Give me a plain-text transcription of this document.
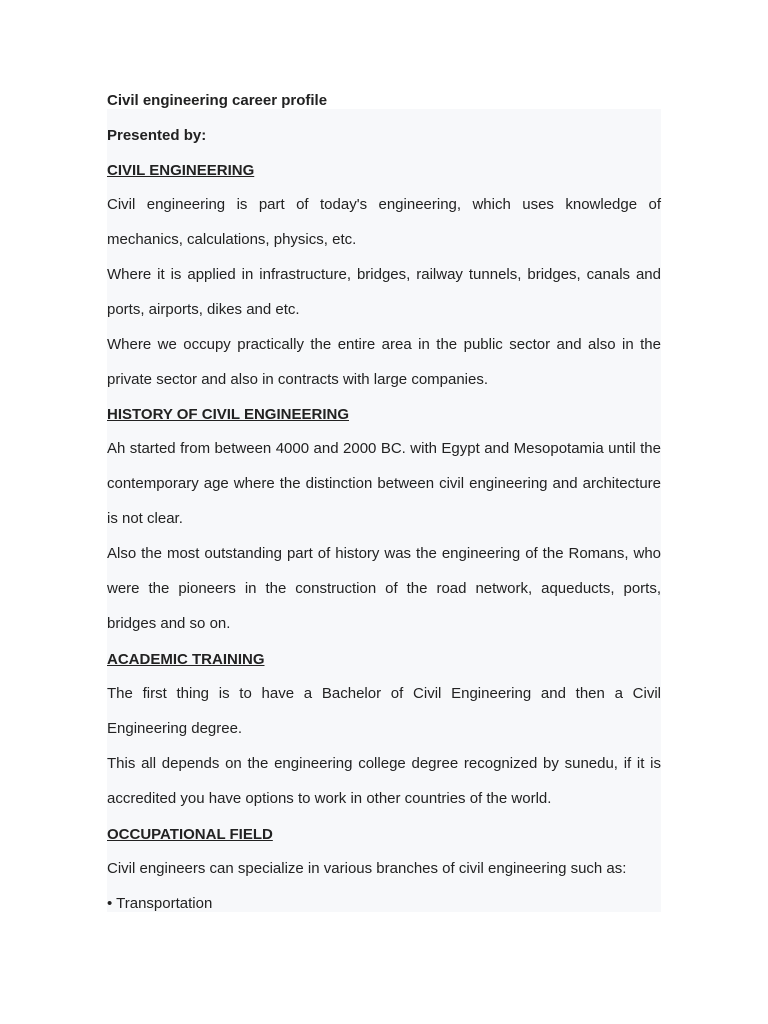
Civil engineering career profile

Presented by:

CIVIL ENGINEERING

Civil engineering is part of today's engineering, which uses knowledge of mechanics, calculations, physics, etc.

Where it is applied in infrastructure, bridges, railway tunnels, bridges, canals and ports, airports, dikes and etc.

Where we occupy practically the entire area in the public sector and also in the private sector and also in contracts with large companies.

HISTORY OF CIVIL ENGINEERING

Ah started from between 4000 and 2000 BC. with Egypt and Mesopotamia until the contemporary age where the distinction between civil engineering and architecture is not clear.

Also the most outstanding part of history was the engineering of the Romans, who were the pioneers in the construction of the road network, aqueducts, ports, bridges and so on.

ACADEMIC TRAINING

The first thing is to have a Bachelor of Civil Engineering and then a Civil Engineering degree.

This all depends on the engineering college degree recognized by sunedu, if it is accredited you have options to work in other countries of the world.

OCCUPATIONAL FIELD

Civil engineers can specialize in various branches of civil engineering such as:

• Transportation
